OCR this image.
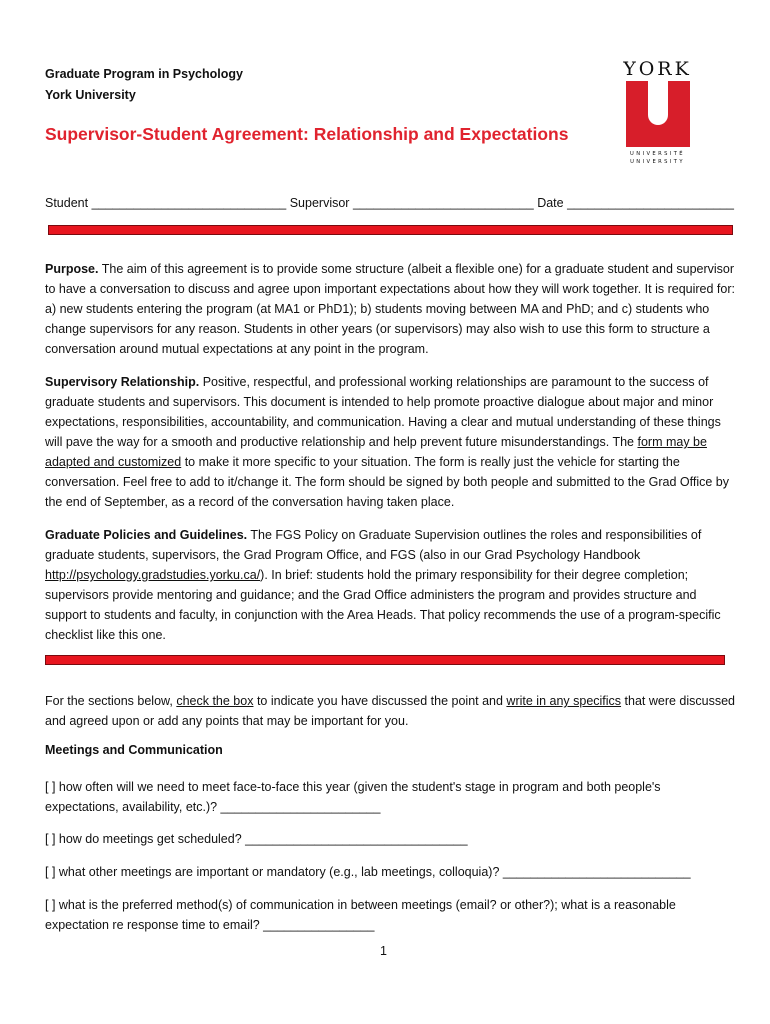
Graduate Program in Psychology
York University
YORK
UNIVERSITÉ
UNIVERSITY
Supervisor-Student Agreement: Relationship and Expectations
Student ____________________________ Supervisor __________________________ Date ________________________
Purpose. The aim of this agreement is to provide some structure (albeit a flexible one) for a graduate student and supervisor to have a conversation to discuss and agree upon important expectations about how they will work together. It is required for: a) new students entering the program (at MA1 or PhD1); b) students moving between MA and PhD; and c) students who change supervisors for any reason. Students in other years (or supervisors) may also wish to use this form to structure a conversation around mutual expectations at any point in the program.
Supervisory Relationship. Positive, respectful, and professional working relationships are paramount to the success of graduate students and supervisors. This document is intended to help promote proactive dialogue about major and minor expectations, responsibilities, accountability, and communication. Having a clear and mutual understanding of these things will pave the way for a smooth and productive relationship and help prevent future misunderstandings. The form may be adapted and customized to make it more specific to your situation. The form is really just the vehicle for starting the conversation. Feel free to add to it/change it. The form should be signed by both people and submitted to the Grad Office by the end of September, as a record of the conversation having taken place.
Graduate Policies and Guidelines. The FGS Policy on Graduate Supervision outlines the roles and responsibilities of graduate students, supervisors, the Grad Program Office, and FGS (also in our Grad Psychology Handbook http://psychology.gradstudies.yorku.ca/). In brief: students hold the primary responsibility for their degree completion; supervisors provide mentoring and guidance; and the Grad Office administers the program and provides structure and support to students and faculty, in conjunction with the Area Heads. That policy recommends the use of a program-specific checklist like this one.
For the sections below, check the box to indicate you have discussed the point and write in any specifics that were discussed and agreed upon or add any points that may be important for you.
Meetings and Communication
[ ] how often will we need to meet face-to-face this year (given the student's stage in program and both people's expectations, availability, etc.)? _______________________
[ ] how do meetings get scheduled? ________________________________
[ ] what other meetings are important or mandatory (e.g., lab meetings, colloquia)? ___________________________
[ ] what is the preferred method(s) of communication in between meetings (email? or other?); what is a reasonable expectation re response time to email? ________________
1
